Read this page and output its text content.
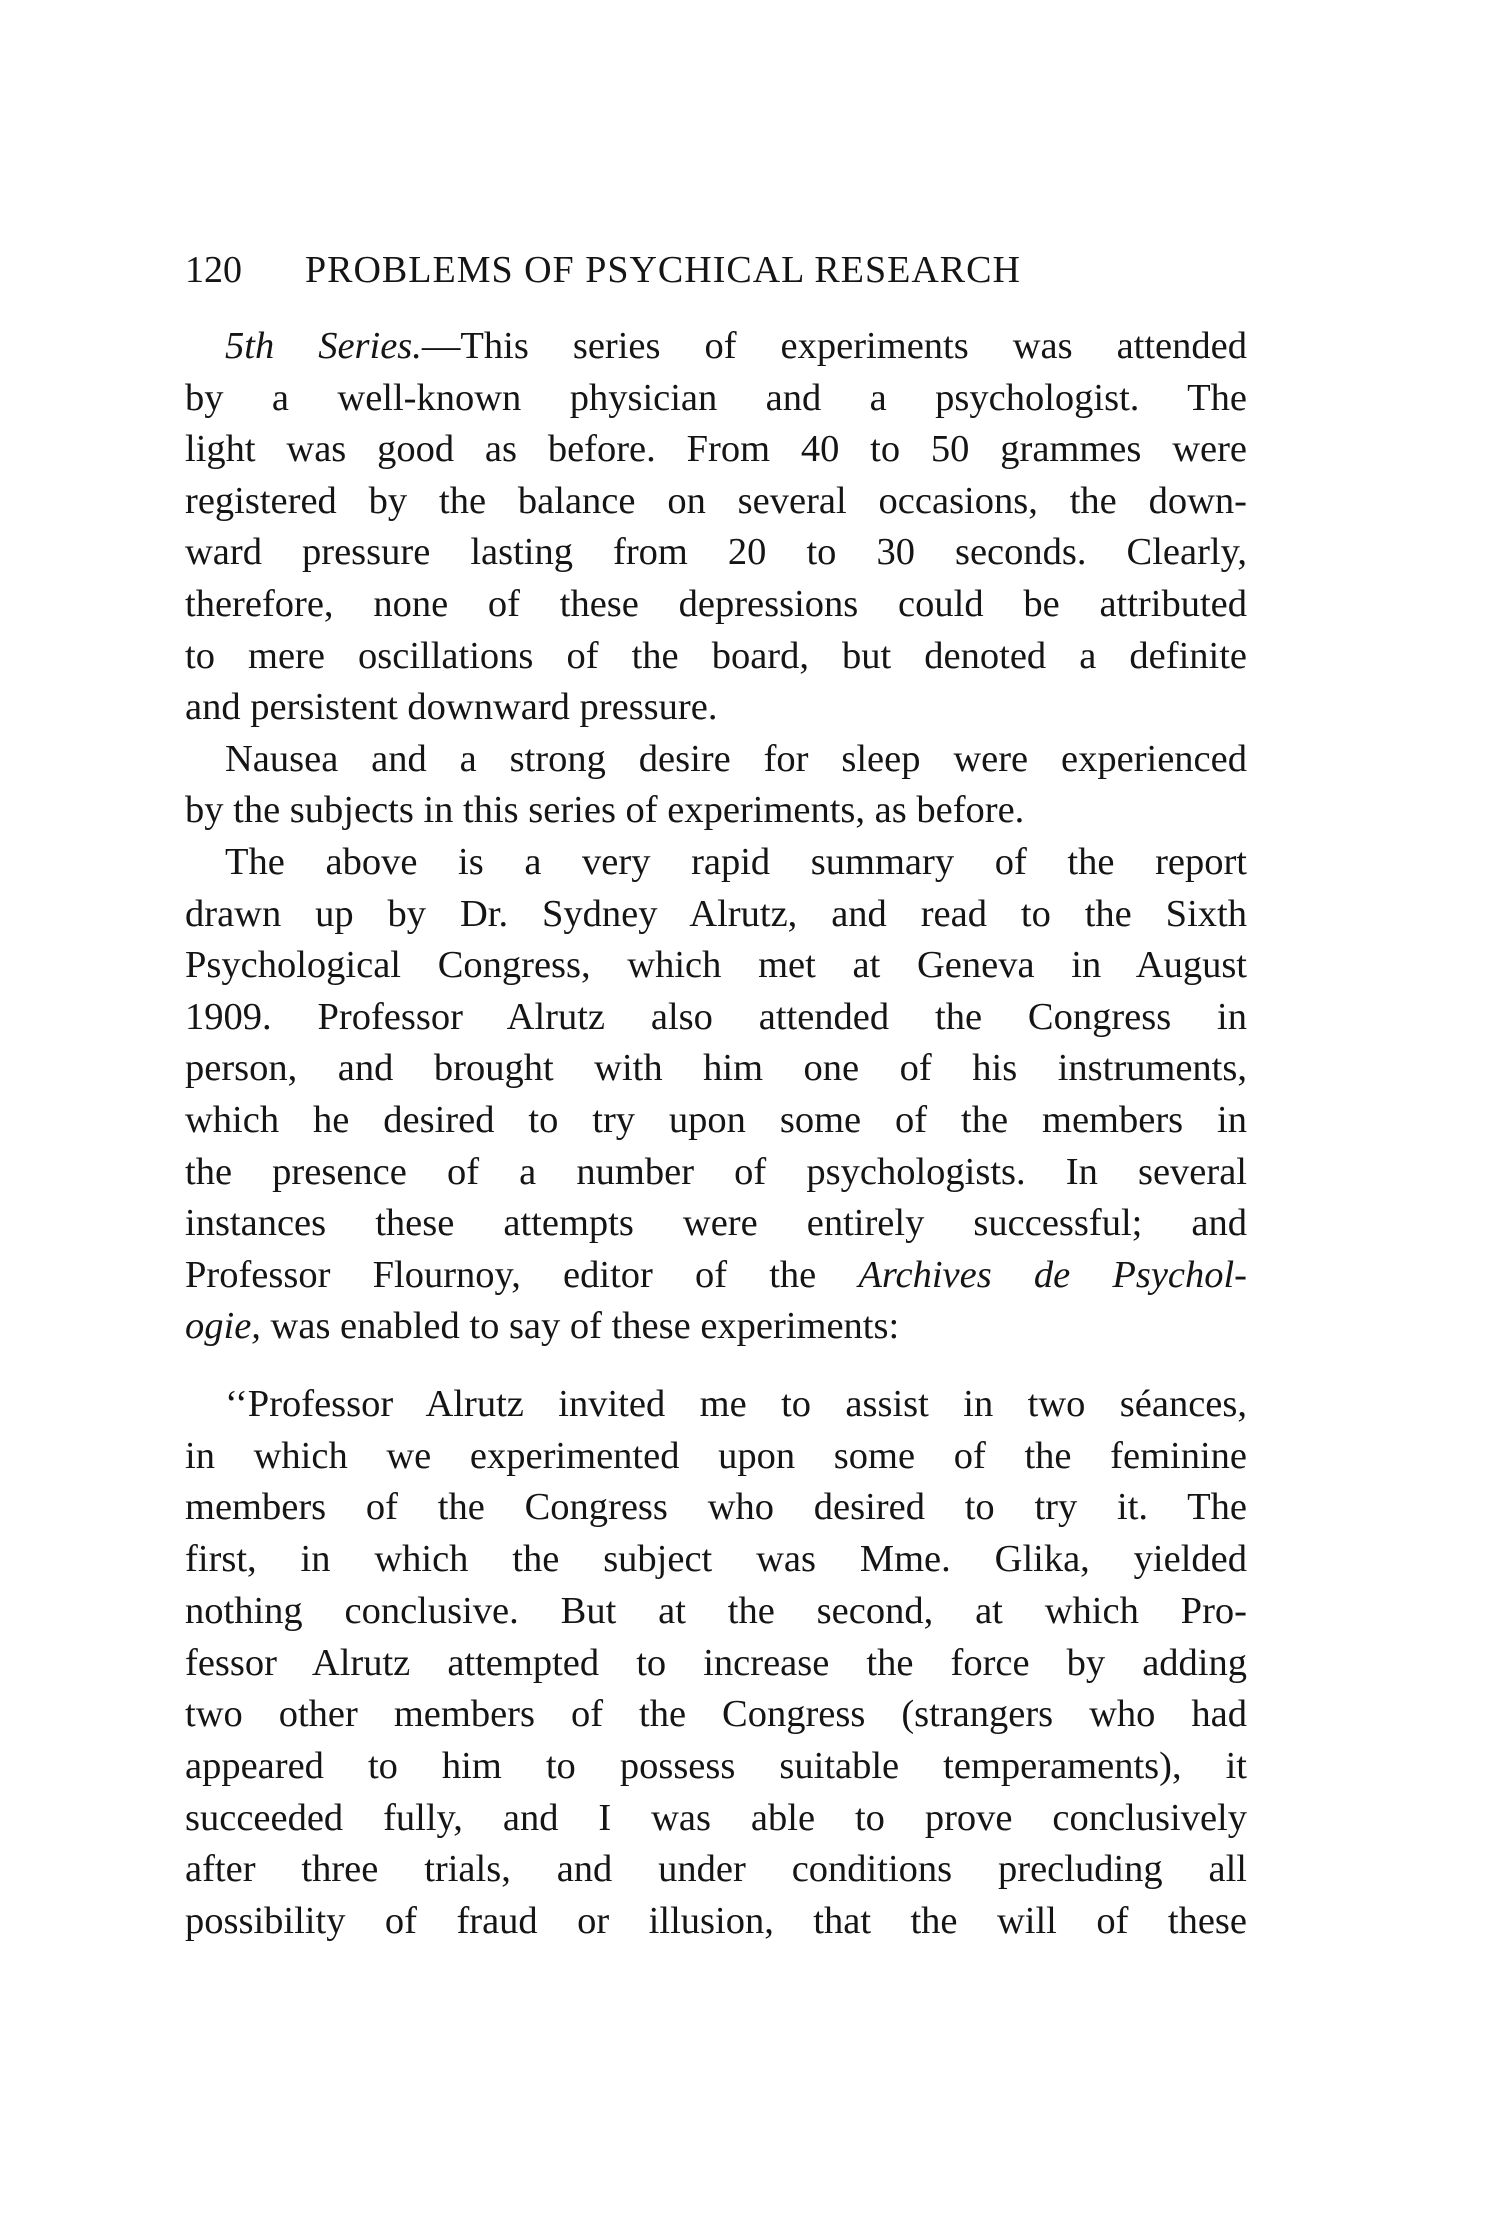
120	PROBLEMS OF PSYCHICAL RESEARCH
5th Series.—This series of experiments was attended
by a well-known physician and a psychologist. The
light was good as before. From 40 to 50 grammes were
registered by the balance on several occasions, the down-
ward pressure lasting from 20 to 30 seconds. Clearly,
therefore, none of these depressions could be attributed
to mere oscillations of the board, but denoted a definite
and persistent downward pressure.
Nausea and a strong desire for sleep were experienced
by the subjects in this series of experiments, as before.
The above is a very rapid summary of the report
drawn up by Dr. Sydney Alrutz, and read to the Sixth
Psychological Congress, which met at Geneva in August
1909. Professor Alrutz also attended the Congress in
person, and brought with him one of his instruments,
which he desired to try upon some of the members in
the presence of a number of psychologists. In several
instances these attempts were entirely successful; and
Professor Flournoy, editor of the Archives de Psychol-
ogie, was enabled to say of these experiments:
‘‘Professor Alrutz invited me to assist in two séances,
in which we experimented upon some of the feminine
members of the Congress who desired to try it. The
first, in which the subject was Mme. Glika, yielded
nothing conclusive. But at the second, at which Pro-
fessor Alrutz attempted to increase the force by adding
two other members of the Congress (strangers who had
appeared to him to possess suitable temperaments), it
succeeded fully, and I was able to prove conclusively
after three trials, and under conditions precluding all
possibility of fraud or illusion, that the will of these
